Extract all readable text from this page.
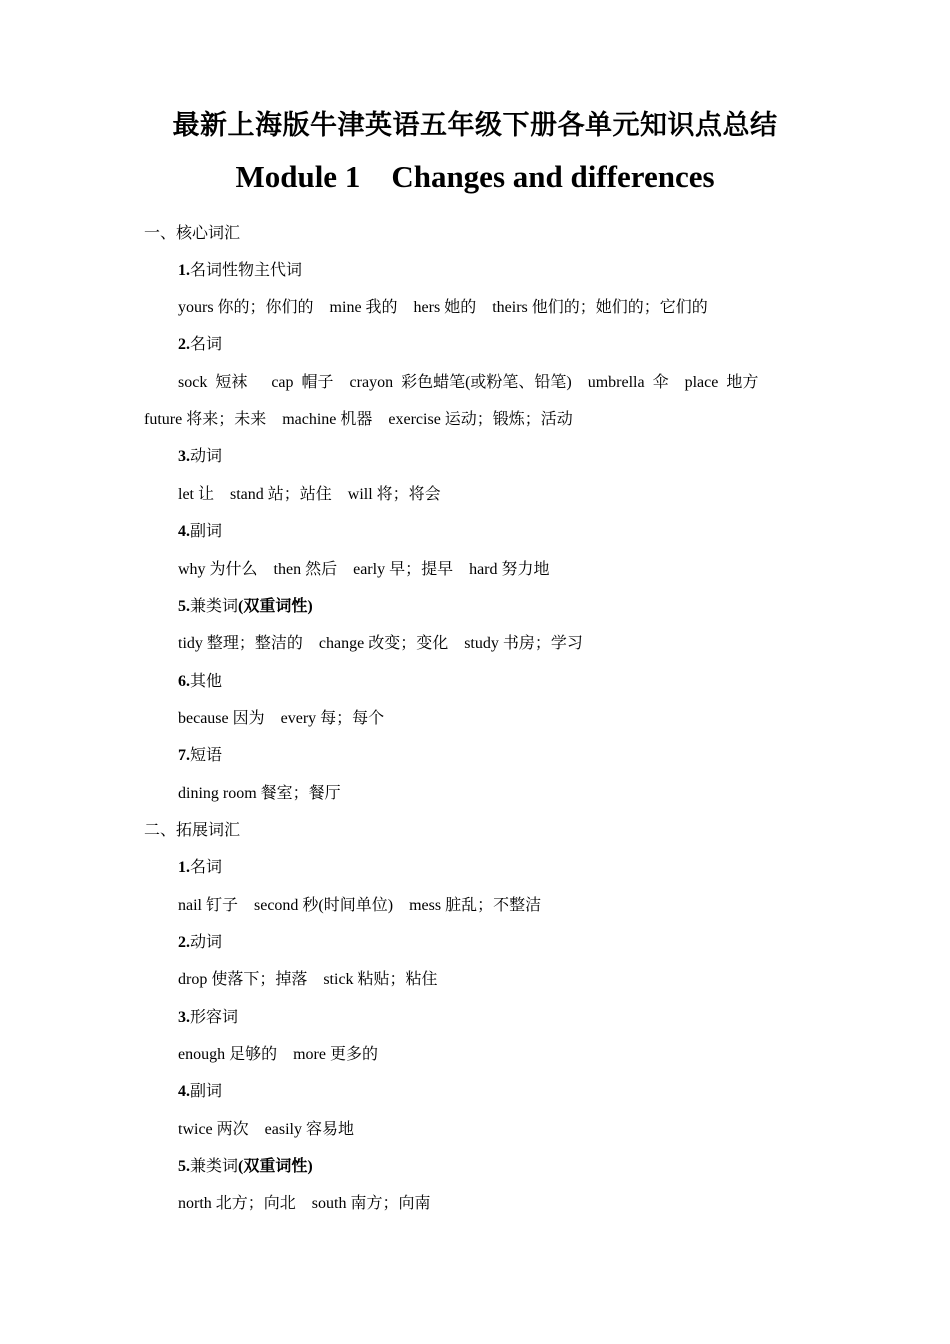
最新上海版牛津英语五年级下册各单元知识点总结
Module 1    Changes and differences
一、核心词汇
1.名词性物主代词
yours 你的；你们的    mine 我的    hers 她的    theirs 他们的；她们的；它们的
2.名词
sock  短袜      cap  帽子    crayon  彩色蜡笔(或粉笔、铅笔)    umbrella  伞    place  地方
future 将来；未来    machine 机器    exercise 运动；锻炼；活动
3.动词
let 让    stand 站；站住    will 将；将会
4.副词
why 为什么    then 然后    early 早；提早    hard 努力地
5.兼类词(双重词性)
tidy 整理；整洁的    change 改变；变化    study 书房；学习
6.其他
because 因为    every 每；每个
7.短语
dining room 餐室；餐厅
二、拓展词汇
1.名词
nail 钉子    second 秒(时间单位)    mess 脏乱；不整洁
2.动词
drop 使落下；掉落    stick 粘贴；粘住
3.形容词
enough 足够的    more 更多的
4.副词
twice 两次    easily 容易地
5.兼类词(双重词性)
north 北方；向北    south 南方；向南
